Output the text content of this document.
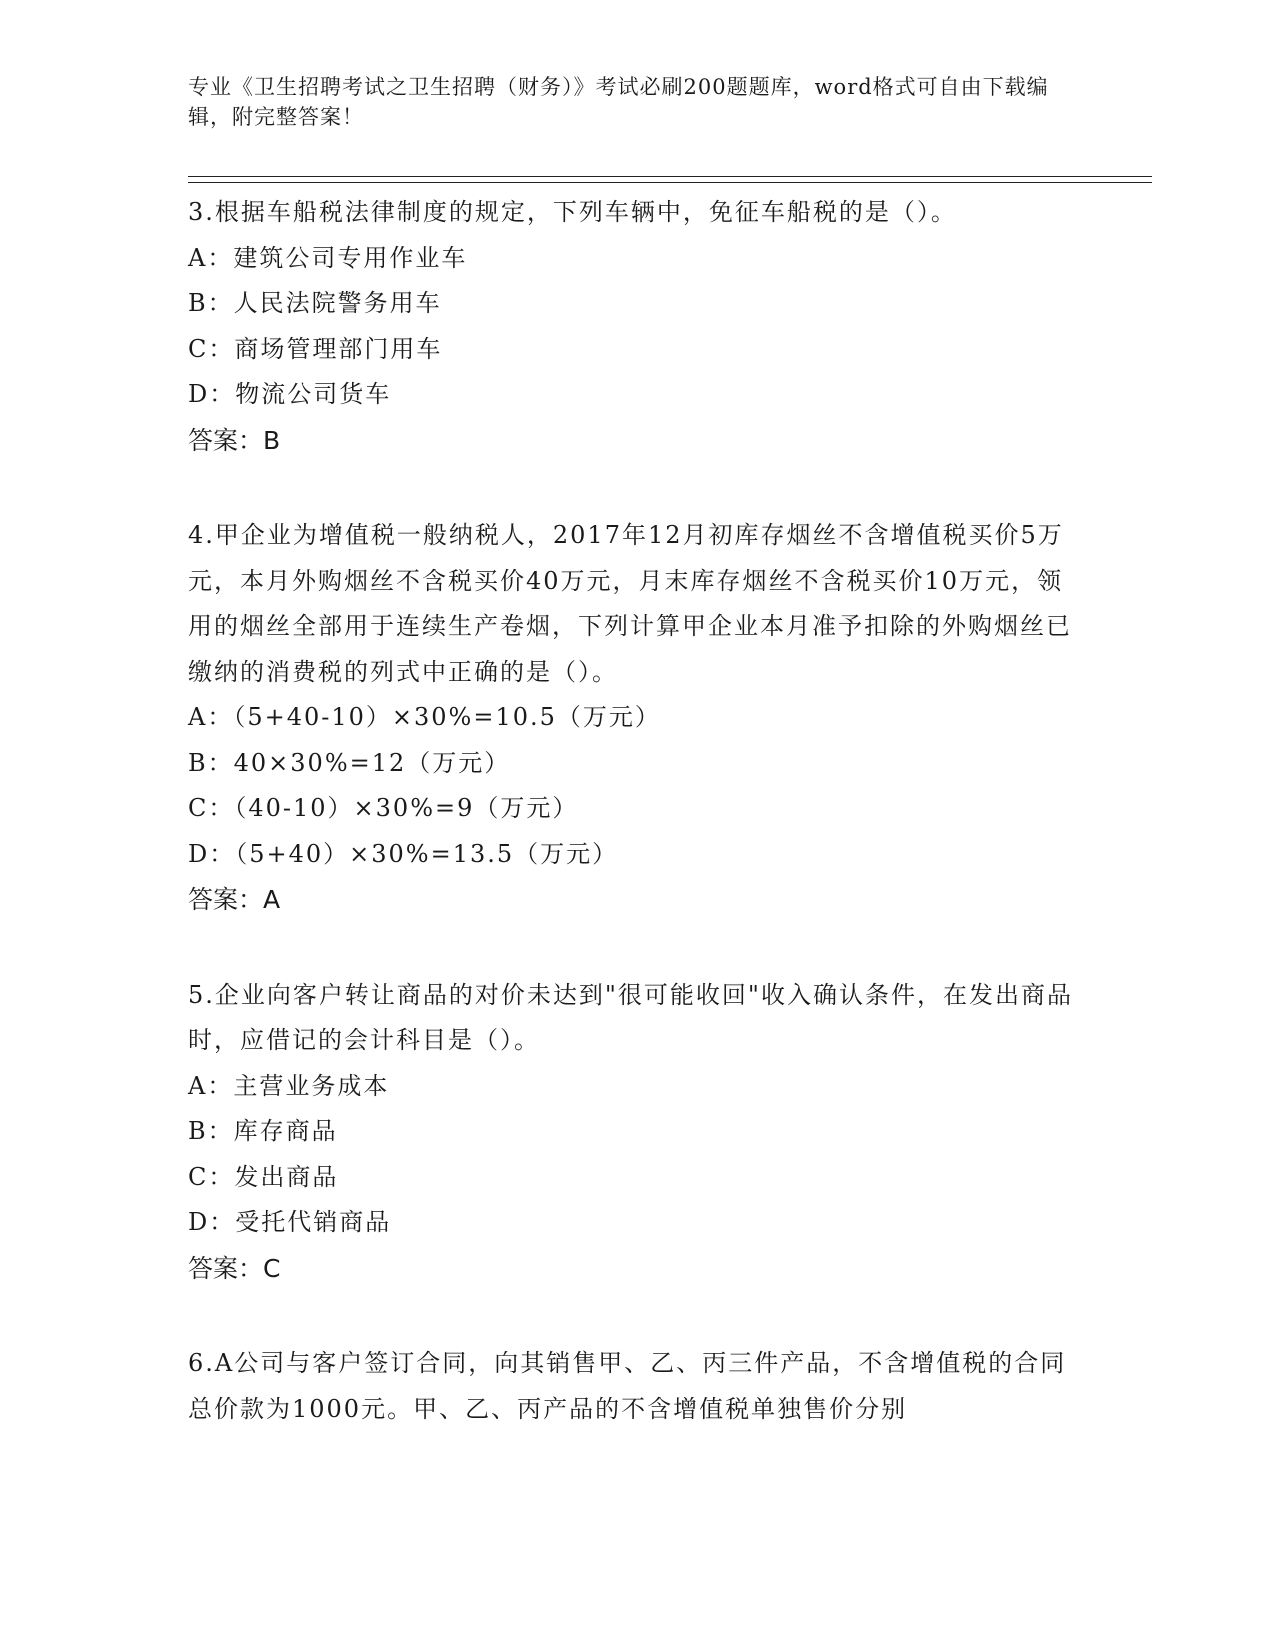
专业《卫生招聘考试之卫生招聘（财务）》考试必刷200题题库，word格式可自由下载编辑，附完整答案！

3.根据车船税法律制度的规定，下列车辆中，免征车船税的是（）。

A：建筑公司专用作业车

B：人民法院警务用车

C：商场管理部门用车

D：物流公司货车

答案：B

4.甲企业为增值税一般纳税人，2017年12月初库存烟丝不含增值税买价5万元，本月外购烟丝不含税买价40万元，月末库存烟丝不含税买价10万元，领用的烟丝全部用于连续生产卷烟，下列计算甲企业本月准予扣除的外购烟丝已缴纳的消费税的列式中正确的是（）。

A：（5+40-10）×30%=10.5（万元）

B：40×30%=12（万元）

C：（40-10）×30%=9（万元）

D：（5+40）×30%=13.5（万元）

答案：A

5.企业向客户转让商品的对价未达到"很可能收回"收入确认条件，在发出商品时，应借记的会计科目是（）。

A：主营业务成本

B：库存商品

C：发出商品

D：受托代销商品

答案：C

6.A公司与客户签订合同，向其销售甲、乙、丙三件产品，不含增值税的合同总价款为1000元。甲、乙、丙产品的不含增值税单独售价分别
